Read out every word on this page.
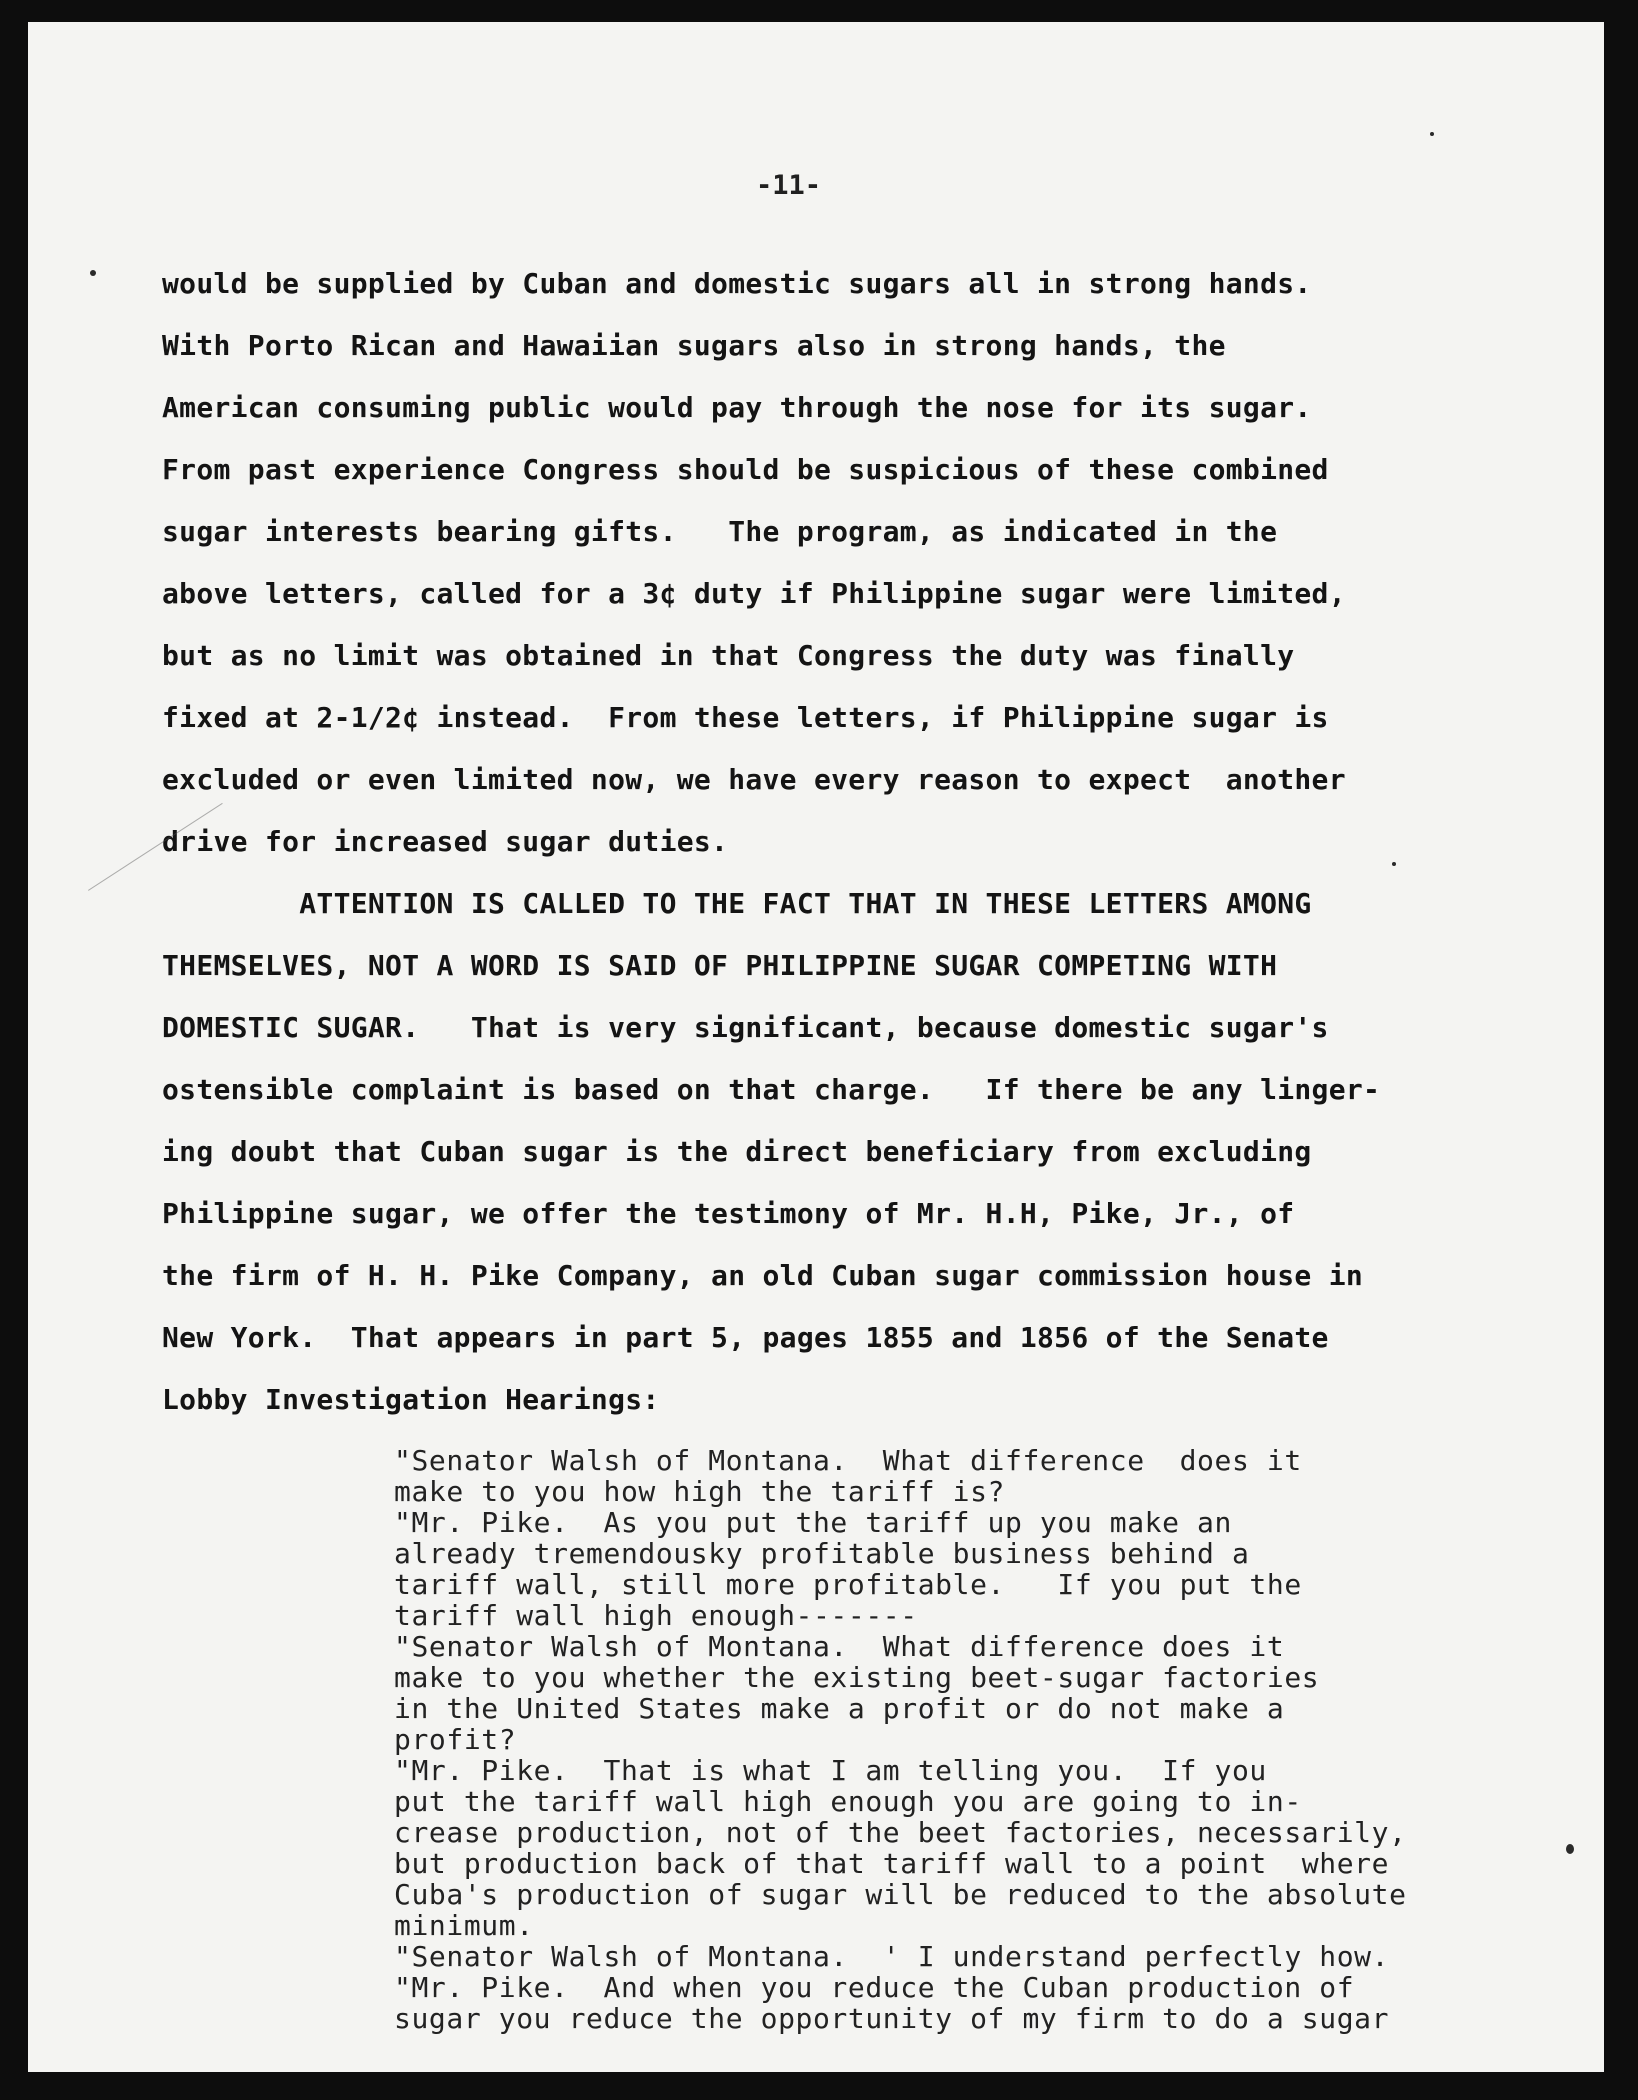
-11-
would be supplied by Cuban and domestic sugars all in strong hands.
With Porto Rican and Hawaiian sugars also in strong hands, the
American consuming public would pay through the nose for its sugar.
From past experience Congress should be suspicious of these combined
sugar interests bearing gifts.   The program, as indicated in the
above letters, called for a 3¢ duty if Philippine sugar were limited,
but as no limit was obtained in that Congress the duty was finally
fixed at 2-1/2¢ instead.  From these letters, if Philippine sugar is
excluded or even limited now, we have every reason to expect  another
drive for increased sugar duties.
ATTENTION IS CALLED TO THE FACT THAT IN THESE LETTERS AMONG
THEMSELVES, NOT A WORD IS SAID OF PHILIPPINE SUGAR COMPETING WITH
DOMESTIC SUGAR.   That is very significant, because domestic sugar's
ostensible complaint is based on that charge.   If there be any linger-
ing doubt that Cuban sugar is the direct beneficiary from excluding
Philippine sugar, we offer the testimony of Mr. H.H, Pike, Jr., of
the firm of H. H. Pike Company, an old Cuban sugar commission house in
New York.  That appears in part 5, pages 1855 and 1856 of the Senate
Lobby Investigation Hearings:
"Senator Walsh of Montana.  What difference  does it
make to you how high the tariff is?
"Mr. Pike.  As you put the tariff up you make an
already tremendousky profitable business behind a
tariff wall, still more profitable.   If you put the
tariff wall high enough-------
"Senator Walsh of Montana.  What difference does it
make to you whether the existing beet-sugar factories
in the United States make a profit or do not make a
profit?
"Mr. Pike.  That is what I am telling you.  If you
put the tariff wall high enough you are going to in-
crease production, not of the beet factories, necessarily,
but production back of that tariff wall to a point  where
Cuba's production of sugar will be reduced to the absolute
minimum.
"Senator Walsh of Montana.  ' I understand perfectly how.
"Mr. Pike.  And when you reduce the Cuban production of
sugar you reduce the opportunity of my firm to do a sugar
